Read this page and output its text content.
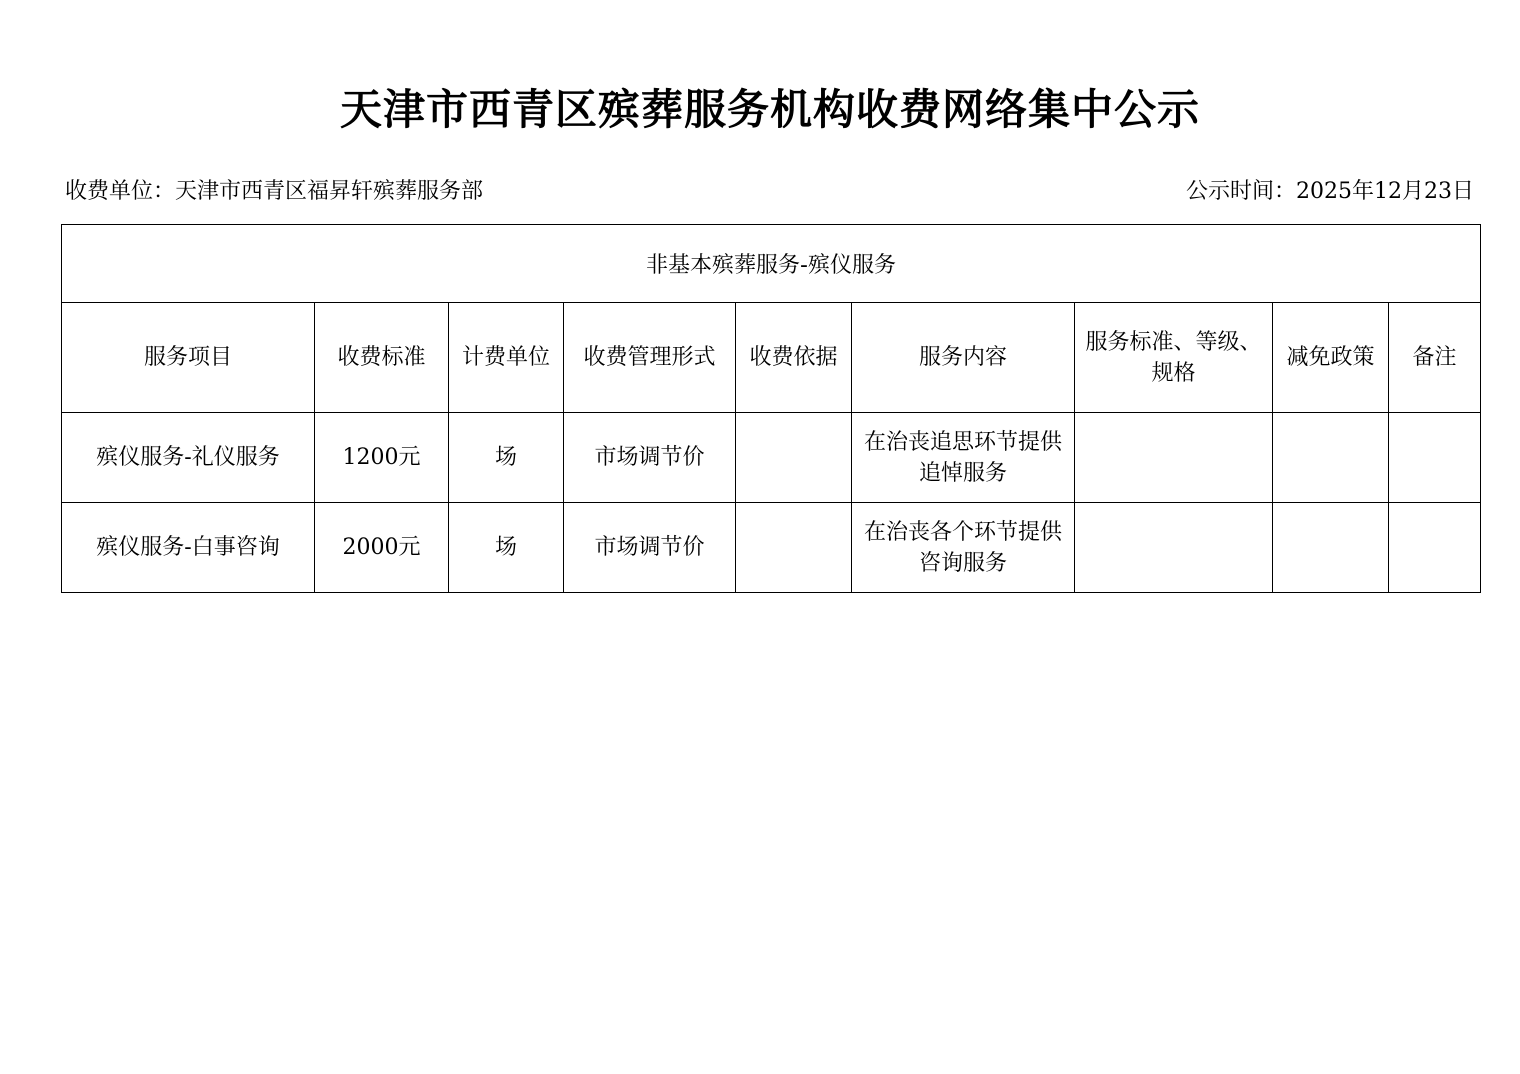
天津市西青区殡葬服务机构收费网络集中公示
收费单位：天津市西青区福昇轩殡葬服务部	公示时间：2025年12月23日
非基本殡葬服务-殡仪服务								
服务项目	收费标准	计费单位	收费管理形式	收费依据	服务内容	服务标准、等级、规格	减免政策	备注
殡仪服务-礼仪服务	1200元	场	市场调节价		在治丧追思环节提供追悼服务			
殡仪服务-白事咨询	2000元	场	市场调节价		在治丧各个环节提供咨询服务			
